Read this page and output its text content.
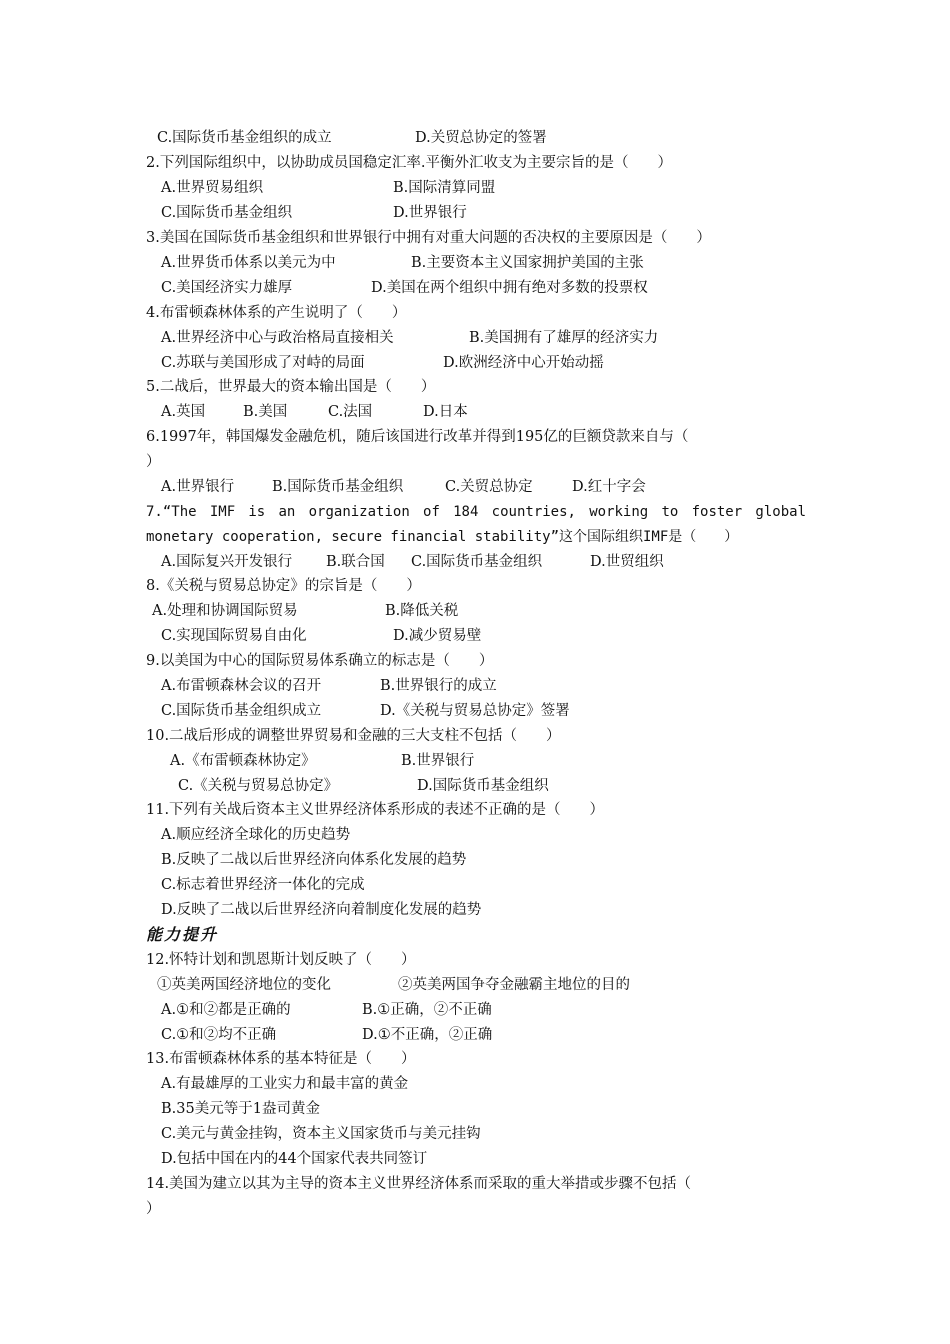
C.国际货币基金组织的成立	D.关贸总协定的签署
2.下列国际组织中，以协助成员国稳定汇率.平衡外汇收支为主要宗旨的是（　　）
A.世界贸易组织	B.国际清算同盟
C.国际货币基金组织	D.世界银行
3.美国在国际货币基金组织和世界银行中拥有对重大问题的否决权的主要原因是（　　）
A.世界货币体系以美元为中	B.主要资本主义国家拥护美国的主张
C.美国经济实力雄厚	D.美国在两个组织中拥有绝对多数的投票权
4.布雷顿森林体系的产生说明了（　　）
A.世界经济中心与政治格局直接相关	B.美国拥有了雄厚的经济实力
C.苏联与美国形成了对峙的局面	D.欧洲经济中心开始动摇
5.二战后，世界最大的资本输出国是（　　）
A.英国	B.美国	C.法国	D.日本
6.1997年，韩国爆发金融危机，随后该国进行改革并得到195亿的巨额贷款来自与（
）
A.世界银行	B.国际货币基金组织	C.关贸总协定	D.红十字会
7.“The IMF is an organization of 184 countries, working to foster global
monetary cooperation, secure financial stability”这个国际组织IMF是（　　）
A.国际复兴开发银行 B.联合国 C.国际货币基金组织	D.世贸组织
8.《关税与贸易总协定》的宗旨是（　　）
A.处理和协调国际贸易	B.降低关税
C.实现国际贸易自由化	D.减少贸易壁
9.以美国为中心的国际贸易体系确立的标志是（　　）
A.布雷顿森林会议的召开	B.世界银行的成立
C.国际货币基金组织成立	D.《关税与贸易总协定》签署
10.二战后形成的调整世界贸易和金融的三大支柱不包括（　　）
A.《布雷顿森林协定》	B.世界银行
C.《关税与贸易总协定》	D.国际货币基金组织
11.下列有关战后资本主义世界经济体系形成的表述不正确的是（　　）
A.顺应经济全球化的历史趋势
B.反映了二战以后世界经济向体系化发展的趋势
C.标志着世界经济一体化的完成
D.反映了二战以后世界经济向着制度化发展的趋势
能力提升
12.怀特计划和凯恩斯计划反映了（　　）
①英美两国经济地位的变化	②英美两国争夺金融霸主地位的目的
A.①和②都是正确的	B.①正确，②不正确
C.①和②均不正确	D.①不正确，②正确
13.布雷顿森林体系的基本特征是（　　）
A.有最雄厚的工业实力和最丰富的黄金
B.35美元等于1盎司黄金
C.美元与黄金挂钩，资本主义国家货币与美元挂钩
D.包括中国在内的44个国家代表共同签订
14.美国为建立以其为主导的资本主义世界经济体系而采取的重大举措或步骤不包括（
）
